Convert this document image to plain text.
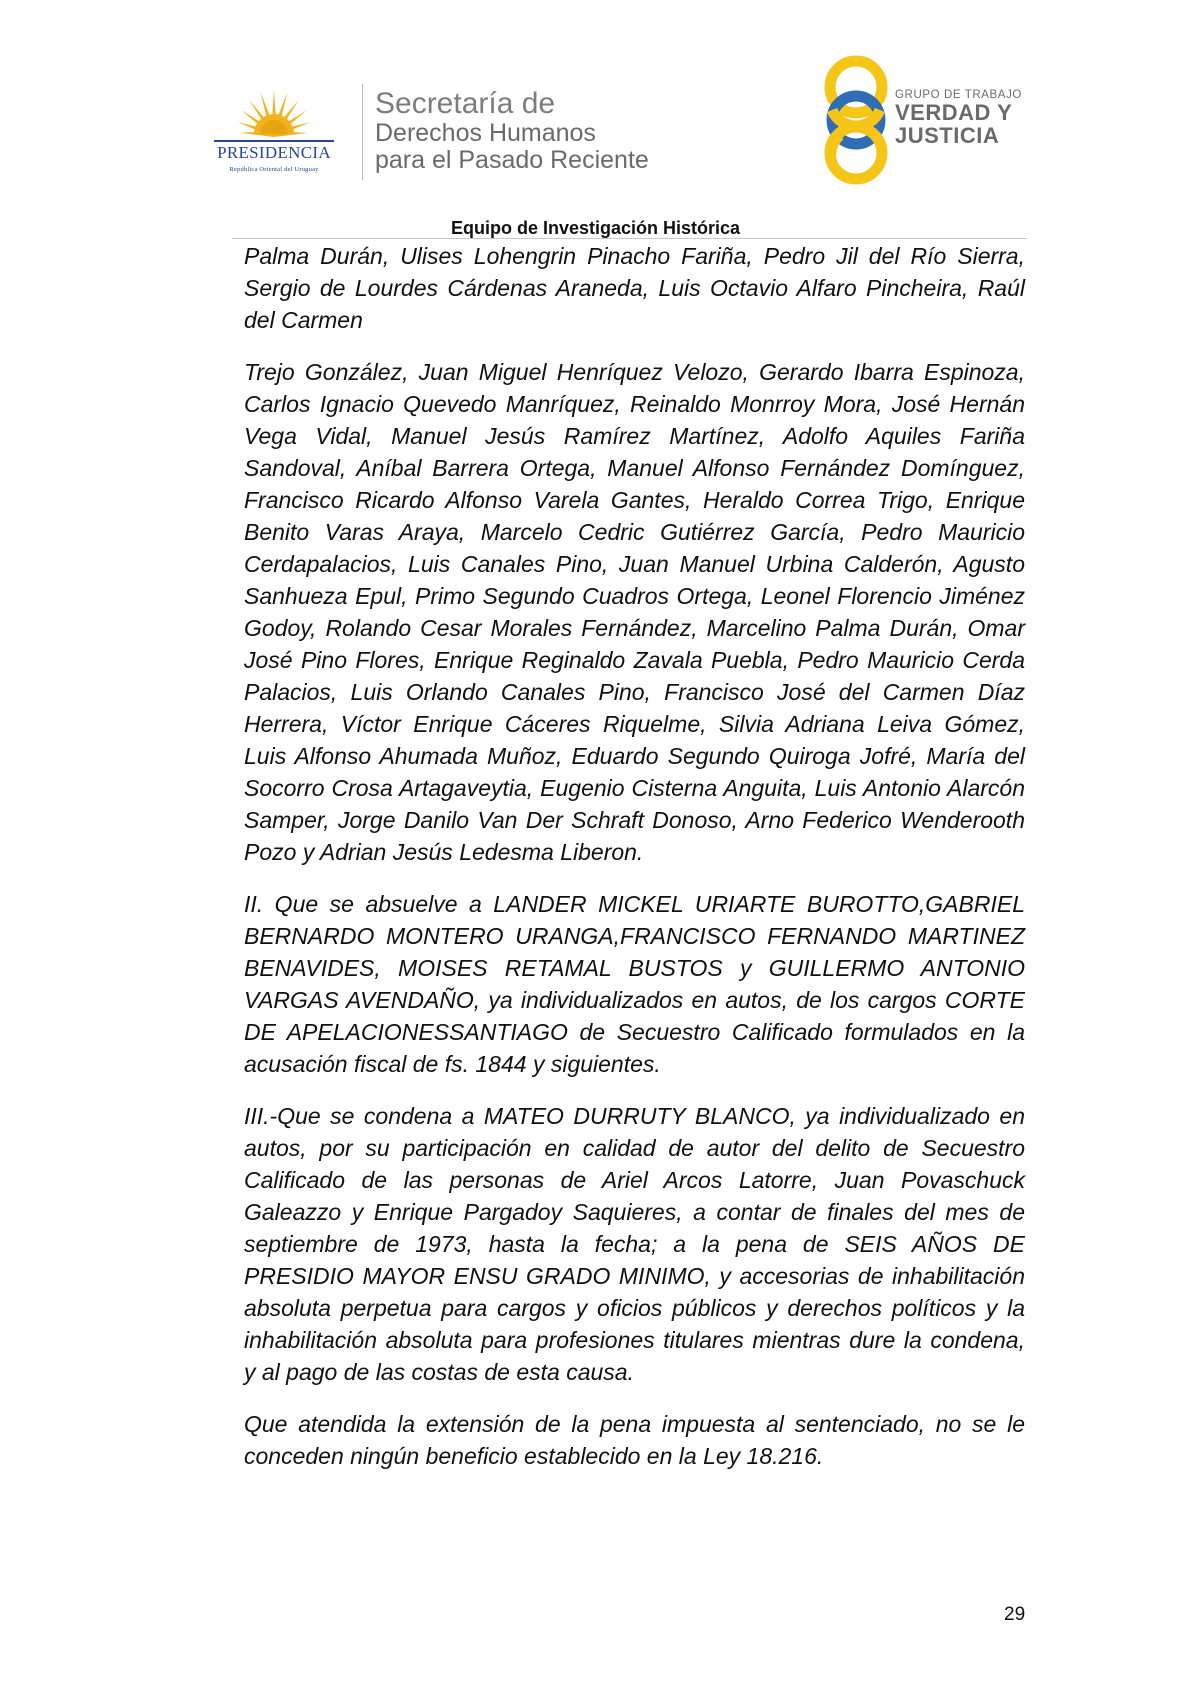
PRESIDENCIA
República Oriental del Uruguay
Secretaría de
Derechos Humanos
para el Pasado Reciente
GRUPO DE TRABAJO
VERDAD Y
JUSTICIA
Equipo de Investigación Histórica

Palma Durán, Ulises Lohengrin Pinacho Fariña, Pedro Jil del Río Sierra, Sergio de Lourdes Cárdenas Araneda, Luis Octavio Alfaro Pincheira, Raúl del Carmen

Trejo González, Juan Miguel Henríquez Velozo, Gerardo Ibarra Espinoza, Carlos Ignacio Quevedo Manríquez, Reinaldo Monrroy Mora, José Hernán Vega Vidal, Manuel Jesús Ramírez Martínez, Adolfo Aquiles Fariña Sandoval, Aníbal Barrera Ortega, Manuel Alfonso Fernández Domínguez, Francisco Ricardo Alfonso Varela Gantes, Heraldo Correa Trigo, Enrique Benito Varas Araya, Marcelo Cedric Gutiérrez García, Pedro Mauricio Cerdapalacios, Luis Canales Pino, Juan Manuel Urbina Calderón, Agusto Sanhueza Epul, Primo Segundo Cuadros Ortega, Leonel Florencio Jiménez Godoy, Rolando Cesar Morales Fernández, Marcelino Palma Durán, Omar José Pino Flores, Enrique Reginaldo Zavala Puebla, Pedro Mauricio Cerda Palacios, Luis Orlando Canales Pino, Francisco José del Carmen Díaz Herrera, Víctor Enrique Cáceres Riquelme, Silvia Adriana Leiva Gómez, Luis Alfonso Ahumada Muñoz, Eduardo Segundo Quiroga Jofré, María del Socorro Crosa Artagaveytia, Eugenio Cisterna Anguita, Luis Antonio Alarcón Samper, Jorge Danilo Van Der Schraft Donoso, Arno Federico Wenderooth Pozo y Adrian Jesús Ledesma Liberon.

II. Que se absuelve a LANDER MICKEL URIARTE BUROTTO,GABRIEL BERNARDO MONTERO URANGA,FRANCISCO FERNANDO MARTINEZ BENAVIDES, MOISES RETAMAL BUSTOS y GUILLERMO ANTONIO VARGAS AVENDAÑO, ya individualizados en autos, de los cargos CORTE DE APELACIONESSANTIAGO de Secuestro Calificado formulados en la acusación fiscal de fs. 1844 y siguientes.

III.-Que se condena a MATEO DURRUTY BLANCO, ya individualizado en autos, por su participación en calidad de autor del delito de Secuestro Calificado de las personas de Ariel Arcos Latorre, Juan Povaschuck Galeazzo y Enrique Pargadoy Saquieres, a contar de finales del mes de septiembre de 1973, hasta la fecha; a la pena de SEIS AÑOS DE PRESIDIO MAYOR ENSU GRADO MINIMO, y accesorias de inhabilitación absoluta perpetua para cargos y oficios públicos y derechos políticos y la inhabilitación absoluta para profesiones titulares mientras dure la condena, y al pago de las costas de esta causa.

Que atendida la extensión de la pena impuesta al sentenciado, no se le conceden ningún beneficio establecido en la Ley 18.216.

29
